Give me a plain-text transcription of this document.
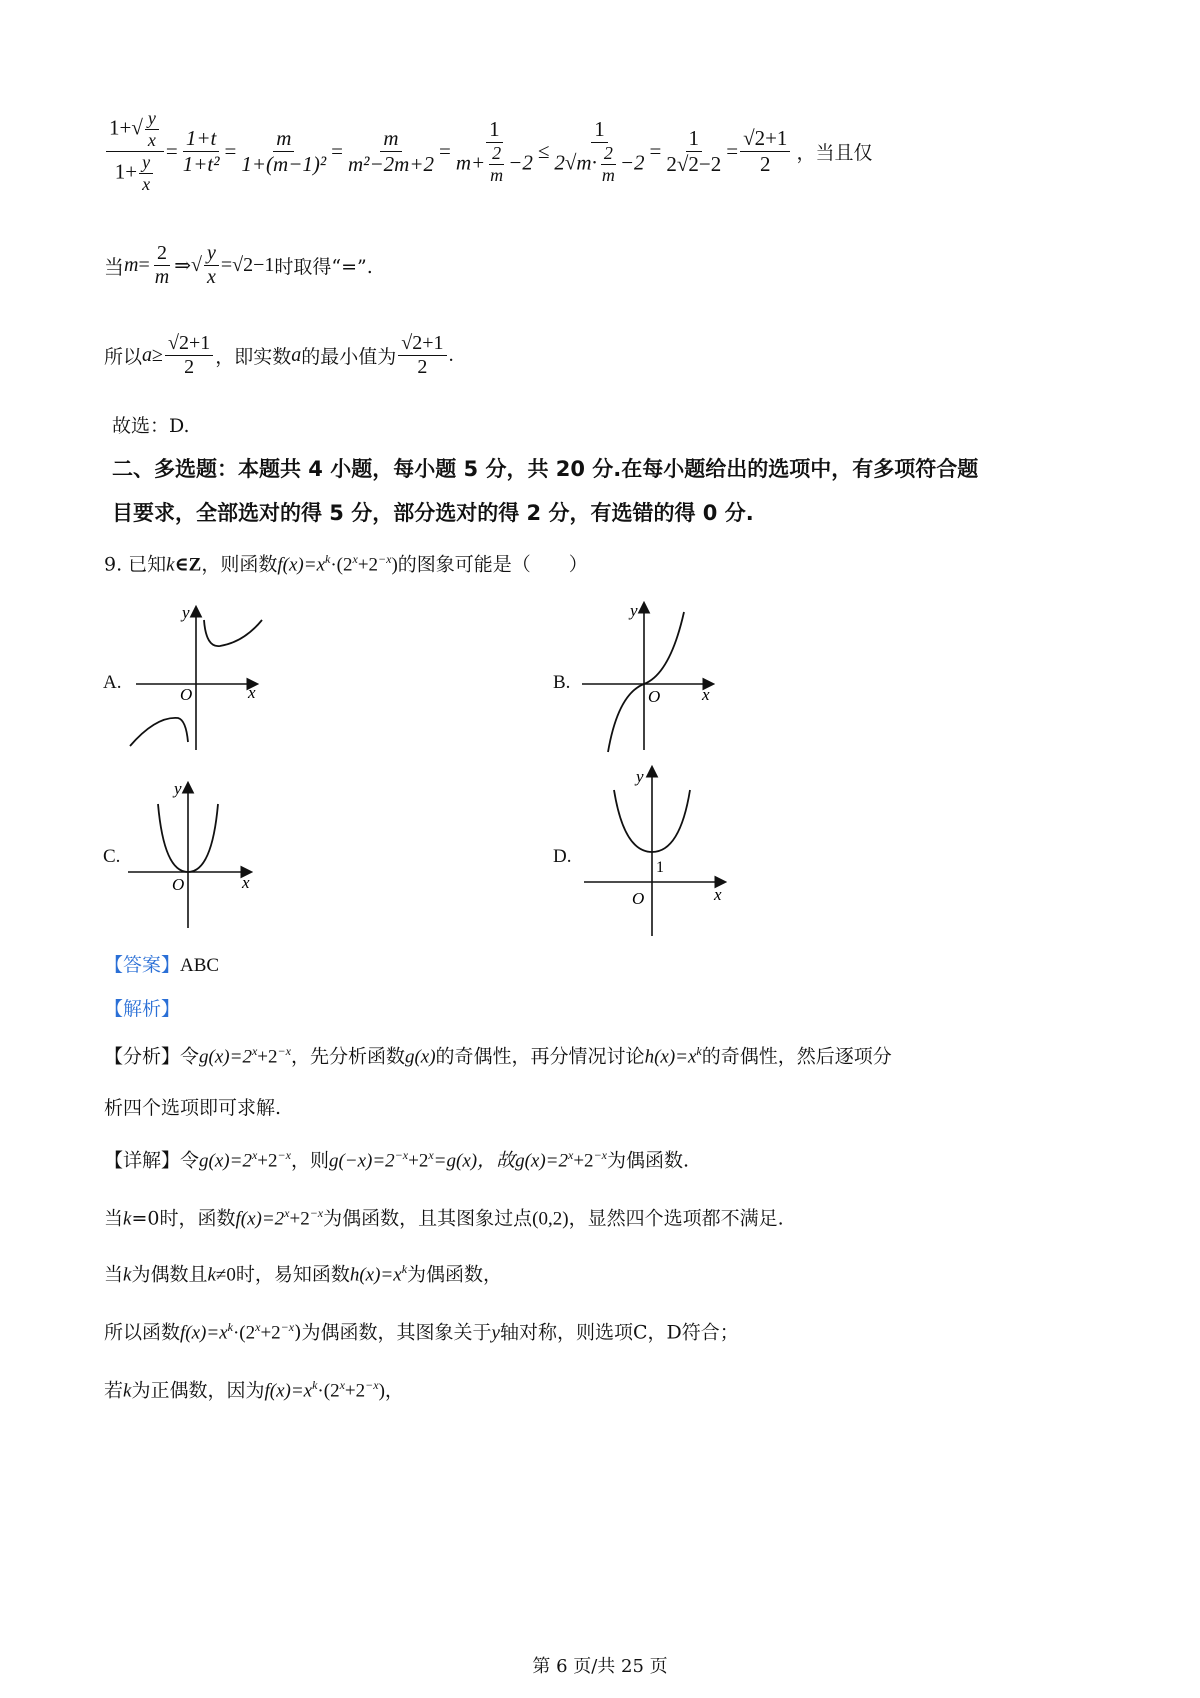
$\frac{1+√ \frac{y}{x}}{1+ \frac{y}{x}} = \frac{1+t}{\text{1+t²}} = \frac{m}{\text{1+(m−1)²}} = \frac{m}{\text{m²−2m+2}} = \frac{1}{m+ \frac{2}{m} -2} \le \frac{1}{2√m\cdot \frac{2}{m} -2} = \frac{1}{2√2-2} = \frac{√2+1}{2}$ ，当且仅
当 $m = \frac{2}{m}$ ⇒ √ $\frac{y}{x} =√2-1$ 时取得“=”.
所以 $a \ge \frac{√2+1}{2}$ ，即实数 a 的最小值为 $\frac{√2+1}{2}$ .
故选：D.
二、多选题：本题共 4 小题，每小题 5 分，共 20 分.在每小题给出的选项中，有多项符合题
目要求，全部选对的得 5 分，部分选对的得 2 分，有选错的得 0 分.
9. 已知k∈Z，则函数$f(x)=x^k\cdot(2^x+2^{-x})$的图象可能是（　　）
A.	B.
C.	D.
y
x
O
y
x
O
y
x
O
y
x
O
1
【答案】ABC
【解析】
【分析】令$g(x)=2^x+2^{-x}$，先分析函数g(x)的奇偶性，再分情况讨论$h(x)=x^k$的奇偶性，然后逐项分
析四个选项即可求解.
【详解】令$g(x)=2^x+2^{-x}$，则$g(-x)=2^{-x}+2^x=g(x)$，故$g(x)=2^x+2^{-x}$为偶函数.
当k=0时，函数$f(x)=2^x+2^{-x}$为偶函数，且其图象过点(0,2)，显然四个选项都不满足.
当k为偶数且k≠0时，易知函数$h(x)=x^k$为偶函数，
所以函数$f(x)=x^k\cdot(2^x+2^{-x})$为偶函数，其图象关于y轴对称，则选项C，D符合；
若k为正偶数，因为$f(x)=x^k\cdot(2^x+2^{-x})$，
第 6 页/共 25 页
